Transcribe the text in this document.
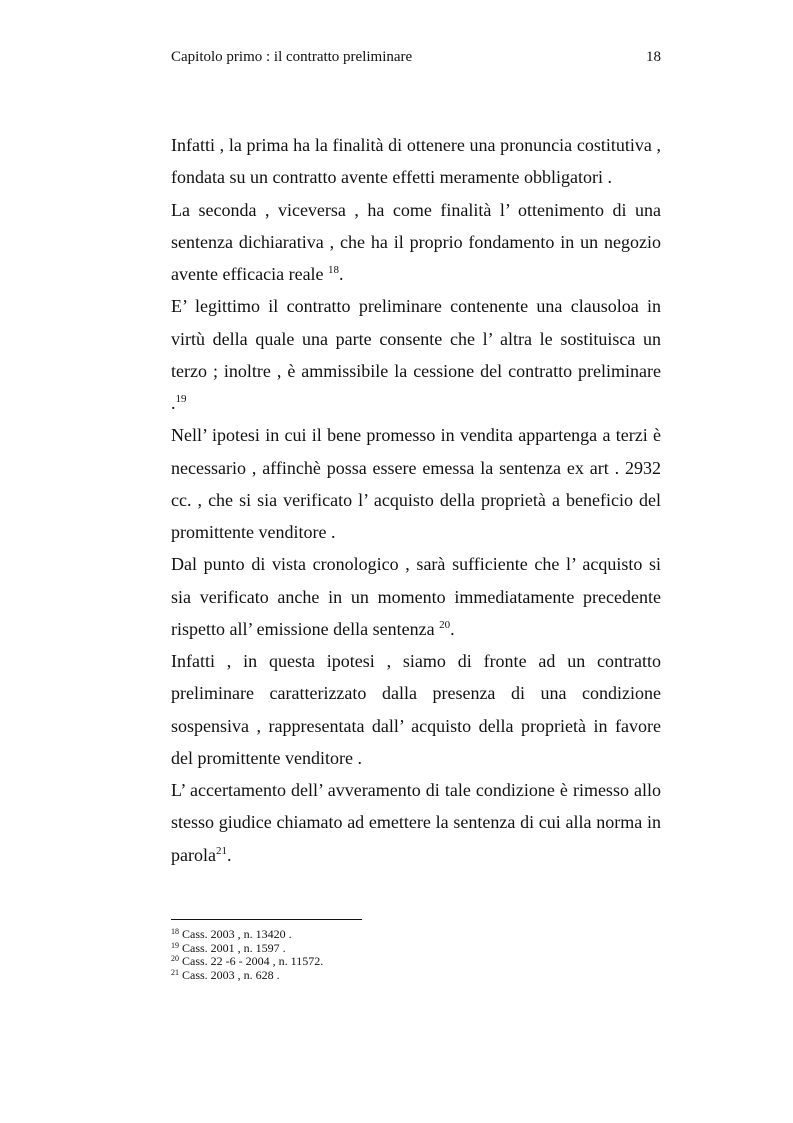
Capitolo primo : il contratto preliminare	18

Infatti , la prima ha la finalità di ottenere una pronuncia costitutiva , fondata su un contratto avente effetti meramente obbligatori .

La seconda , viceversa , ha come finalità l’ ottenimento di una sentenza dichiarativa , che ha il proprio fondamento in un negozio avente efficacia reale $^{18}$.

E’ legittimo il contratto preliminare contenente una clausoloa in virtù della quale una parte consente che l’ altra le sostituisca un terzo ; inoltre , è ammissibile la cessione del contratto preliminare .$^{19}$

Nell’ ipotesi in cui il bene promesso in vendita appartenga a terzi è necessario , affinchè possa essere emessa la sentenza ex art . 2932 cc. , che si sia verificato l’ acquisto della proprietà a beneficio del promittente venditore .

Dal punto di vista cronologico , sarà sufficiente che l’ acquisto si sia verificato anche in un momento immediatamente precedente rispetto all’ emissione della sentenza $^{20}$.

Infatti , in questa ipotesi , siamo di fronte ad un contratto preliminare caratterizzato dalla presenza di una condizione sospensiva , rappresentata dall’ acquisto della proprietà in favore del promittente venditore .

L’ accertamento dell’ avveramento di tale condizione è rimesso allo stesso giudice chiamato ad emettere la sentenza di cui alla norma in parola$^{21}$.

$^{18}$ Cass. 2003 , n. 13420 .
$^{19}$ Cass. 2001 , n. 1597 .
$^{20}$ Cass. 22 -6 - 2004 , n. 11572.
$^{21}$ Cass. 2003 , n. 628 .
